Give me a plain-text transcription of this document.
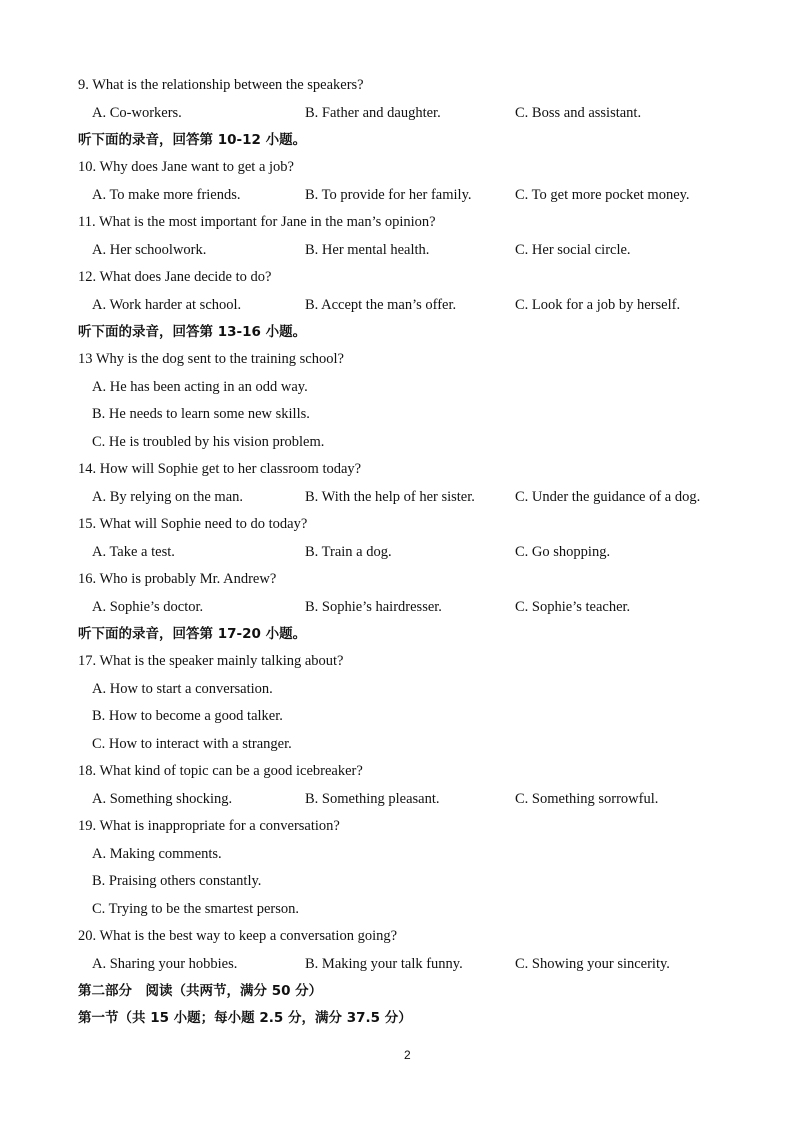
9. What is the relationship between the speakers?
A. Co-workers.	B. Father and daughter.	C. Boss and assistant.
听下面的录音，回答第 10-12 小题。
10. Why does Jane want to get a job?
A. To make more friends.	B. To provide for her family.	C. To get more pocket money.
11. What is the most important for Jane in the man’s opinion?
A. Her schoolwork.	B. Her mental health.	C. Her social circle.
12. What does Jane decide to do?
A. Work harder at school.	B. Accept the man’s offer.	C. Look for a job by herself.
听下面的录音，回答第 13-16 小题。
13 Why is the dog sent to the training school?
A. He has been acting in an odd way.
B. He needs to learn some new skills.
C. He is troubled by his vision problem.
14. How will Sophie get to her classroom today?
A. By relying on the man.	B. With the help of her sister.	C. Under the guidance of a dog.
15. What will Sophie need to do today?
A. Take a test.	B. Train a dog.	C. Go shopping.
16. Who is probably Mr. Andrew?
A. Sophie’s doctor.	B. Sophie’s hairdresser.	C. Sophie’s teacher.
听下面的录音，回答第 17-20 小题。
17. What is the speaker mainly talking about?
A. How to start a conversation.
B. How to become a good talker.
C. How to interact with a stranger.
18. What kind of topic can be a good icebreaker?
A. Something shocking.	B. Something pleasant.	C. Something sorrowful.
19. What is inappropriate for a conversation?
A. Making comments.
B. Praising others constantly.
C. Trying to be the smartest person.
20. What is the best way to keep a conversation going?
A. Sharing your hobbies.	B. Making your talk funny.	C. Showing your sincerity.
第二部分　阅读（共两节，满分 50 分）
第一节（共 15 小题；每小题 2.5 分，满分 37.5 分）
2
